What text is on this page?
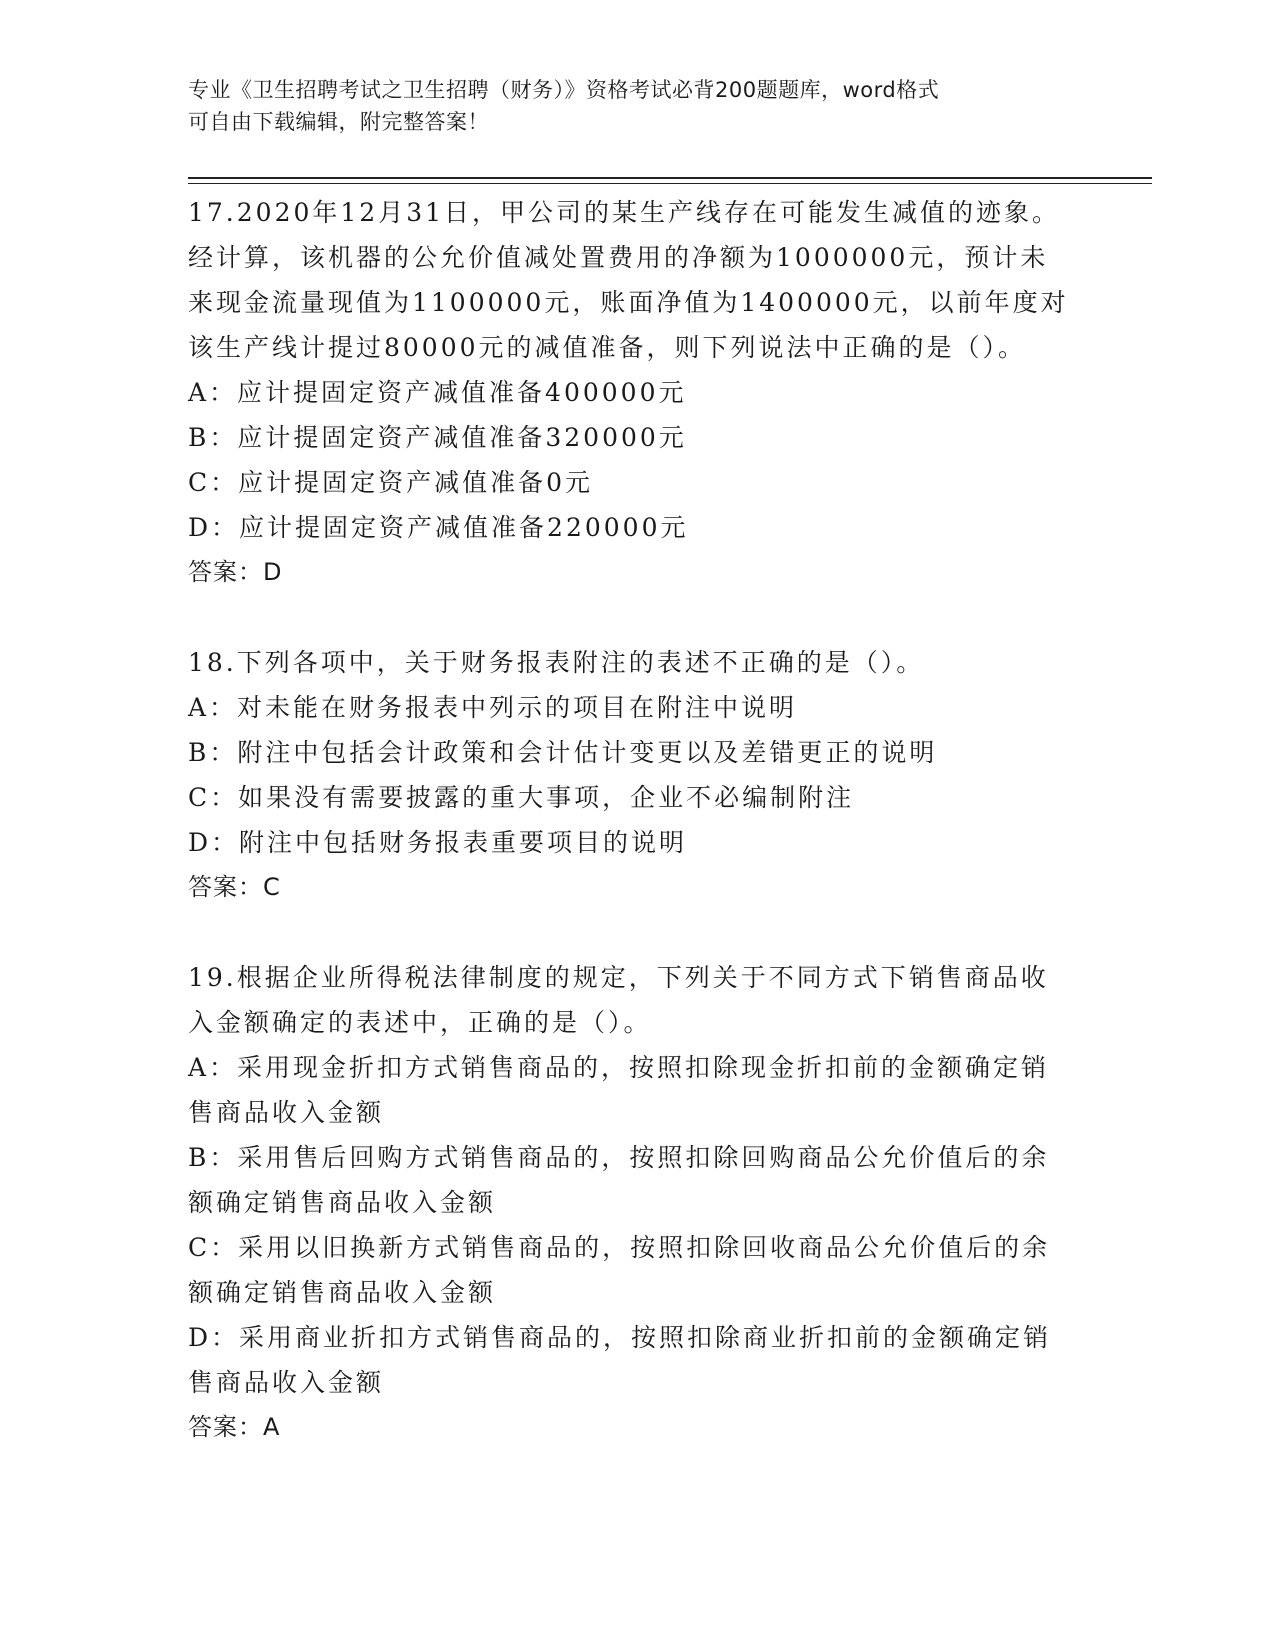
专业《卫生招聘考试之卫生招聘（财务）》资格考试必背200题题库，word格式
可自由下载编辑，附完整答案！
17.2020年12月31日，甲公司的某生产线存在可能发生减值的迹象。
经计算，该机器的公允价值减处置费用的净额为1000000元，预计未
来现金流量现值为1100000元，账面净值为1400000元，以前年度对
该生产线计提过80000元的减值准备，则下列说法中正确的是（）。
A：应计提固定资产减值准备400000元
B：应计提固定资产减值准备320000元
C：应计提固定资产减值准备0元
D：应计提固定资产减值准备220000元
答案：D
18.下列各项中，关于财务报表附注的表述不正确的是（）。
A：对未能在财务报表中列示的项目在附注中说明
B：附注中包括会计政策和会计估计变更以及差错更正的说明
C：如果没有需要披露的重大事项，企业不必编制附注
D：附注中包括财务报表重要项目的说明
答案：C
19.根据企业所得税法律制度的规定，下列关于不同方式下销售商品收
入金额确定的表述中，正确的是（）。
A：采用现金折扣方式销售商品的，按照扣除现金折扣前的金额确定销
售商品收入金额
B：采用售后回购方式销售商品的，按照扣除回购商品公允价值后的余
额确定销售商品收入金额
C：采用以旧换新方式销售商品的，按照扣除回收商品公允价值后的余
额确定销售商品收入金额
D：采用商业折扣方式销售商品的，按照扣除商业折扣前的金额确定销
售商品收入金额
答案：A
